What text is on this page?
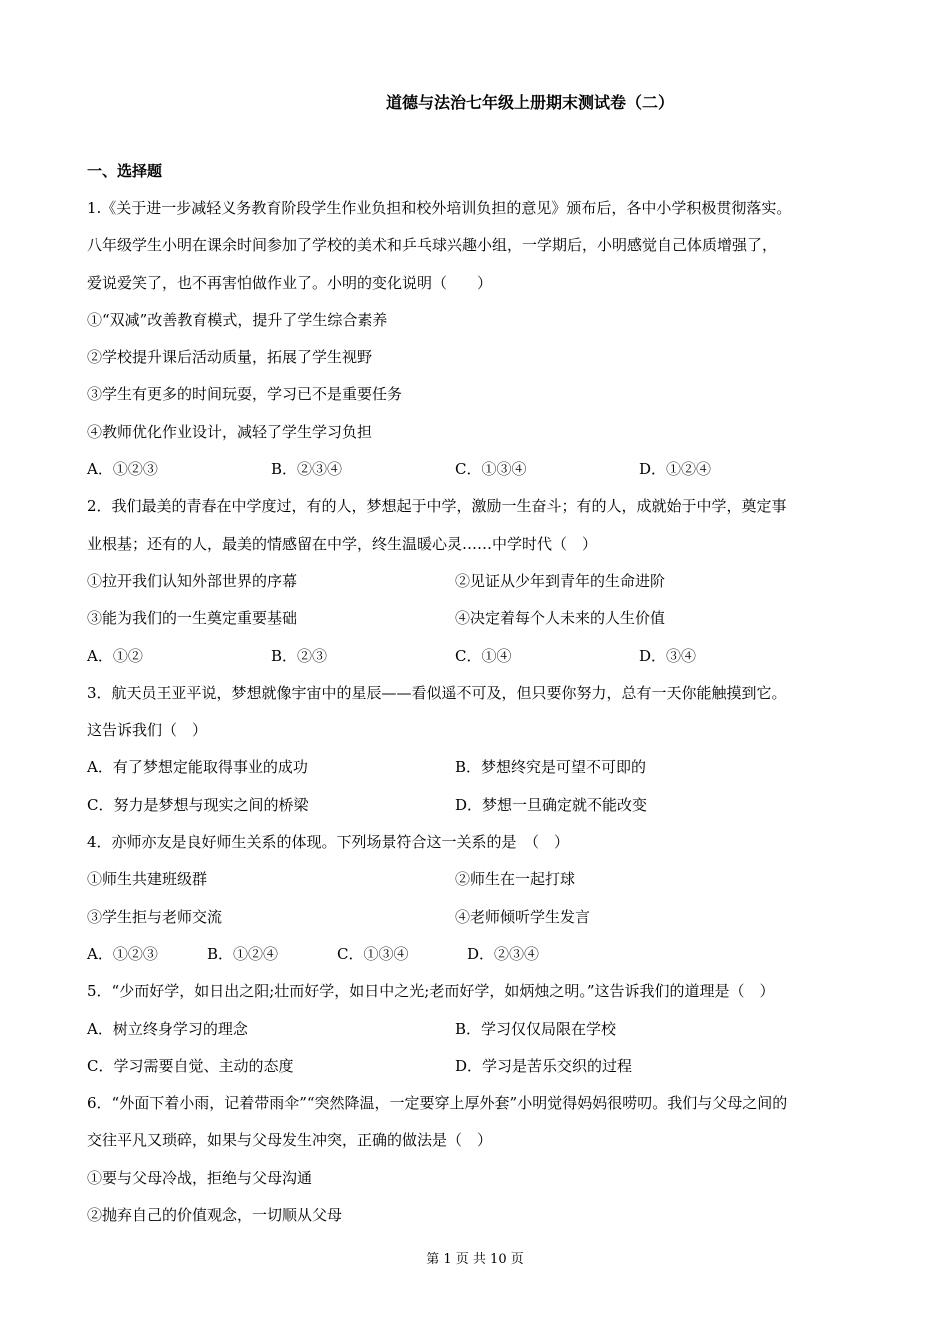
道德与法治七年级上册期末测试卷（二）
一、选择题
1.《关于进一步减轻义务教育阶段学生作业负担和校外培训负担的意见》颁布后，各中小学积极贯彻落实。
八年级学生小明在课余时间参加了学校的美术和乒乓球兴趣小组，一学期后，小明感觉自己体质增强了，
爱说爱笑了，也不再害怕做作业了。小明的变化说明（　　）
①“双减”改善教育模式，提升了学生综合素养
②学校提升课后活动质量，拓展了学生视野
③学生有更多的时间玩耍，学习已不是重要任务
④教师优化作业设计，减轻了学生学习负担
A．①②③	B．②③④	C．①③④	D．①②④
2．我们最美的青春在中学度过，有的人，梦想起于中学，激励一生奋斗；有的人，成就始于中学，奠定事
业根基；还有的人，最美的情感留在中学，终生温暖心灵……中学时代（　）
①拉开我们认知外部世界的序幕	②见证从少年到青年的生命进阶
③能为我们的一生奠定重要基础	④决定着每个人未来的人生价值
A．①②	B．②③	C．①④	D．③④
3．航天员王亚平说，梦想就像宇宙中的星辰——看似遥不可及，但只要你努力，总有一天你能触摸到它。
这告诉我们（　）
A．有了梦想定能取得事业的成功	B．梦想终究是可望不可即的
C．努力是梦想与现实之间的桥梁	D．梦想一旦确定就不能改变
4．亦师亦友是良好师生关系的体现。下列场景符合这一关系的是　（　）
①师生共建班级群	②师生在一起打球
③学生拒与老师交流	④老师倾听学生发言
A．①②③	B．①②④	C．①③④	D．②③④
5．“少而好学，如日出之阳;壮而好学，如日中之光;老而好学，如炳烛之明。”这告诉我们的道理是（　）
A．树立终身学习的理念	B．学习仅仅局限在学校
C．学习需要自觉、主动的态度	D．学习是苦乐交织的过程
6．“外面下着小雨，记着带雨伞”“突然降温，一定要穿上厚外套”小明觉得妈妈很唠叨。我们与父母之间的
交往平凡又琐碎，如果与父母发生冲突，正确的做法是（　）
①要与父母冷战，拒绝与父母沟通
②抛弃自己的价值观念，一切顺从父母
第 1 页 共 10 页
